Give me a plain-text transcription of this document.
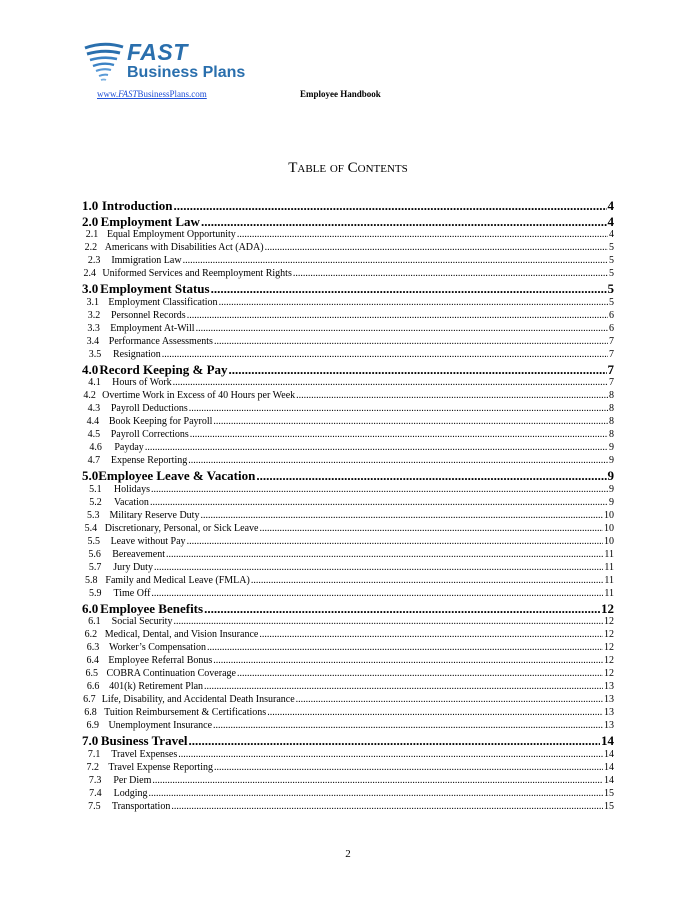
FAST
Business Plans
www.FASTBusinessPlans.com	Employee Handbook
Table of Contents
1.0 Introduction .....	4
2.0 Employment Law .....	4
2.1 Equal Employment Opportunity .....	4
2.2 Americans with Disabilities Act (ADA) .....	5
2.3	Immigration Law .....	5
2.4 Uniformed Services and Reemployment Rights .....	5
3.0 Employment Status .....	5
3.1 Employment Classification .....	5
3.2	Personnel Records .....	6
3.3	Employment At-Will .....	6
3.4 Performance Assessments .....	7
3.5	Resignation .....	7
4.0 Record Keeping & Pay .....	7
4.1	Hours of Work .....	7
4.2 Overtime Work in Excess of 40 Hours per Week .....	8
4.3	Payroll Deductions .....	8
4.4 Book Keeping for Payroll .....	8
4.5	Payroll Corrections .....	8
4.6	Payday .....	9
4.7	Expense Reporting .....	9
5.0 Employee Leave & Vacation .....	9
5.1	Holidays .....	9
5.2	Vacation .....	9
5.3 Military Reserve Duty .....	10
5.4 Discretionary, Personal, or Sick Leave .....	10
5.5	Leave without Pay .....	10
5.6	Bereavement .....	11
5.7	Jury Duty .....	11
5.8 Family and Medical Leave (FMLA) .....	11
5.9	Time Off .....	11
6.0 Employee Benefits .....	12
6.1	Social Security .....	12
6.2 Medical, Dental, and Vision Insurance .....	12
6.3 Worker’s Compensation .....	12
6.4 Employee Referral Bonus .....	12
6.5 COBRA Continuation Coverage .....	12
6.6 401(k) Retirement Plan .....	13
6.7 Life, Disability, and Accidental Death Insurance .....	13
6.8 Tuition Reimbursement & Certifications .....	13
6.9 Unemployment Insurance .....	13
7.0 Business Travel .....	14
7.1	Travel Expenses .....	14
7.2 Travel Expense Reporting .....	14
7.3	Per Diem .....	14
7.4	Lodging .....	15
7.5	Transportation .....	15
2
